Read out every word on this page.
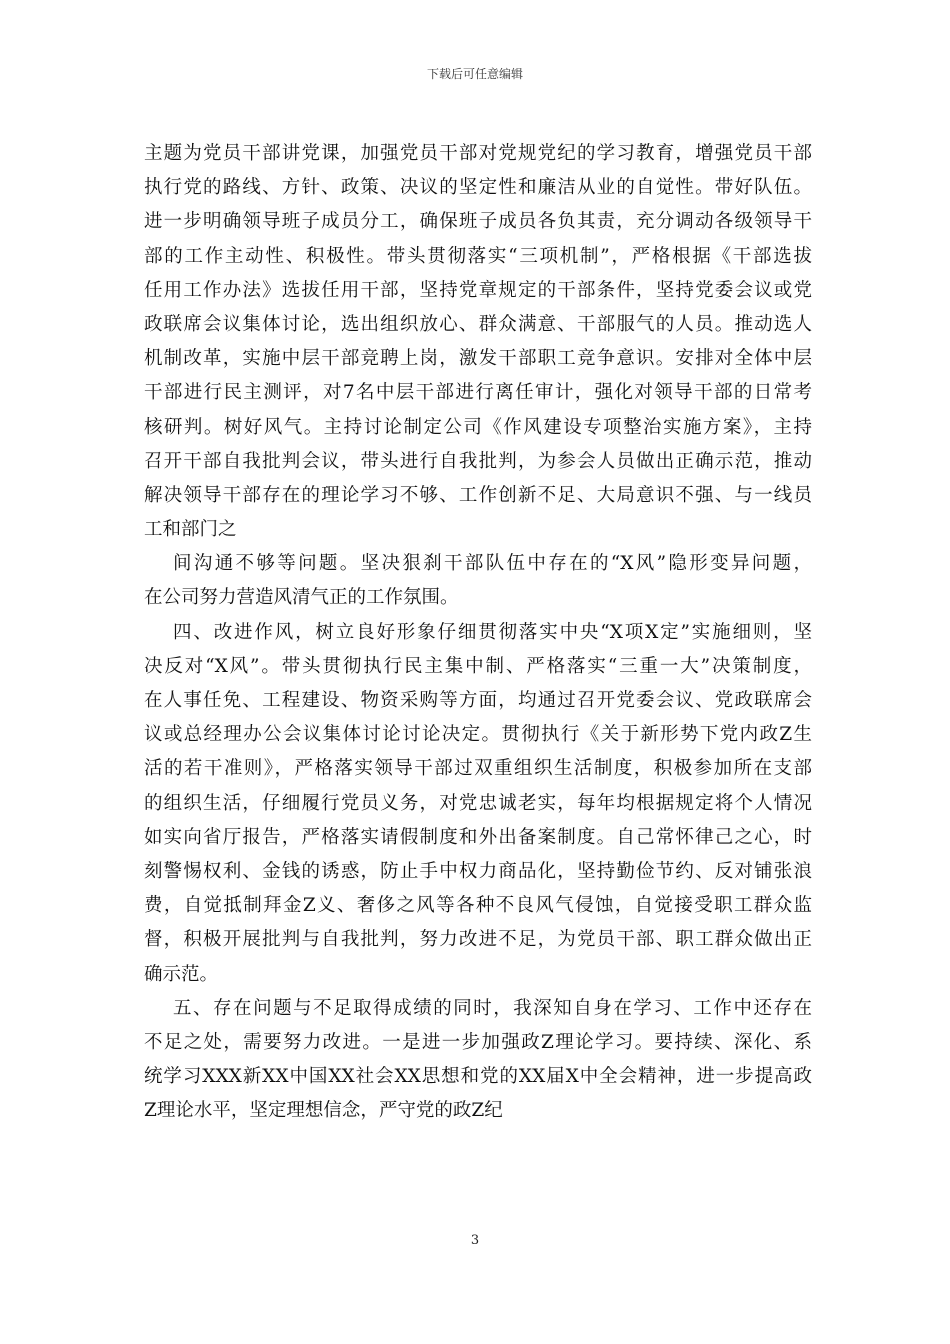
下载后可任意编辑
主题为党员干部讲党课，加强党员干部对党规党纪的学习教育，增强党员干部
执行党的路线、方针、政策、决议的坚定性和廉洁从业的自觉性。带好队伍。
进一步明确领导班子成员分工，确保班子成员各负其责，充分调动各级领导干
部的工作主动性、积极性。带头贯彻落实“三项机制”，严格根据《干部选拔
任用工作办法》选拔任用干部，坚持党章规定的干部条件，坚持党委会议或党
政联席会议集体讨论，选出组织放心、群众满意、干部服气的人员。推动选人
机制改革，实施中层干部竞聘上岗，激发干部职工竞争意识。安排对全体中层
干部进行民主测评，对7名中层干部进行离任审计，强化对领导干部的日常考
核研判。树好风气。主持讨论制定公司《作风建设专项整治实施方案》，主持
召开干部自我批判会议，带头进行自我批判，为参会人员做出正确示范，推动
解决领导干部存在的理论学习不够、工作创新不足、大局意识不强、与一线员
工和部门之
间沟通不够等问题。坚决狠刹干部队伍中存在的“X风”隐形变异问题，
在公司努力营造风清气正的工作氛围。
四、改进作风，树立良好形象仔细贯彻落实中央“X项X定”实施细则，坚
决反对“X风”。带头贯彻执行民主集中制、严格落实“三重一大”决策制度，
在人事任免、工程建设、物资采购等方面，均通过召开党委会议、党政联席会
议或总经理办公会议集体讨论讨论决定。贯彻执行《关于新形势下党内政Z生
活的若干准则》，严格落实领导干部过双重组织生活制度，积极参加所在支部
的组织生活，仔细履行党员义务，对党忠诚老实，每年均根据规定将个人情况
如实向省厅报告，严格落实请假制度和外出备案制度。自己常怀律己之心，时
刻警惕权利、金钱的诱惑，防止手中权力商品化，坚持勤俭节约、反对铺张浪
费，自觉抵制拜金Z义、奢侈之风等各种不良风气侵蚀，自觉接受职工群众监
督，积极开展批判与自我批判，努力改进不足，为党员干部、职工群众做出正
确示范。
五、存在问题与不足取得成绩的同时，我深知自身在学习、工作中还存在
不足之处，需要努力改进。一是进一步加强政Z理论学习。要持续、深化、系
统学习XXX新XX中国XX社会XX思想和党的XX届X中全会精神，进一步提高政
Z理论水平，坚定理想信念，严守党的政Z纪
3
